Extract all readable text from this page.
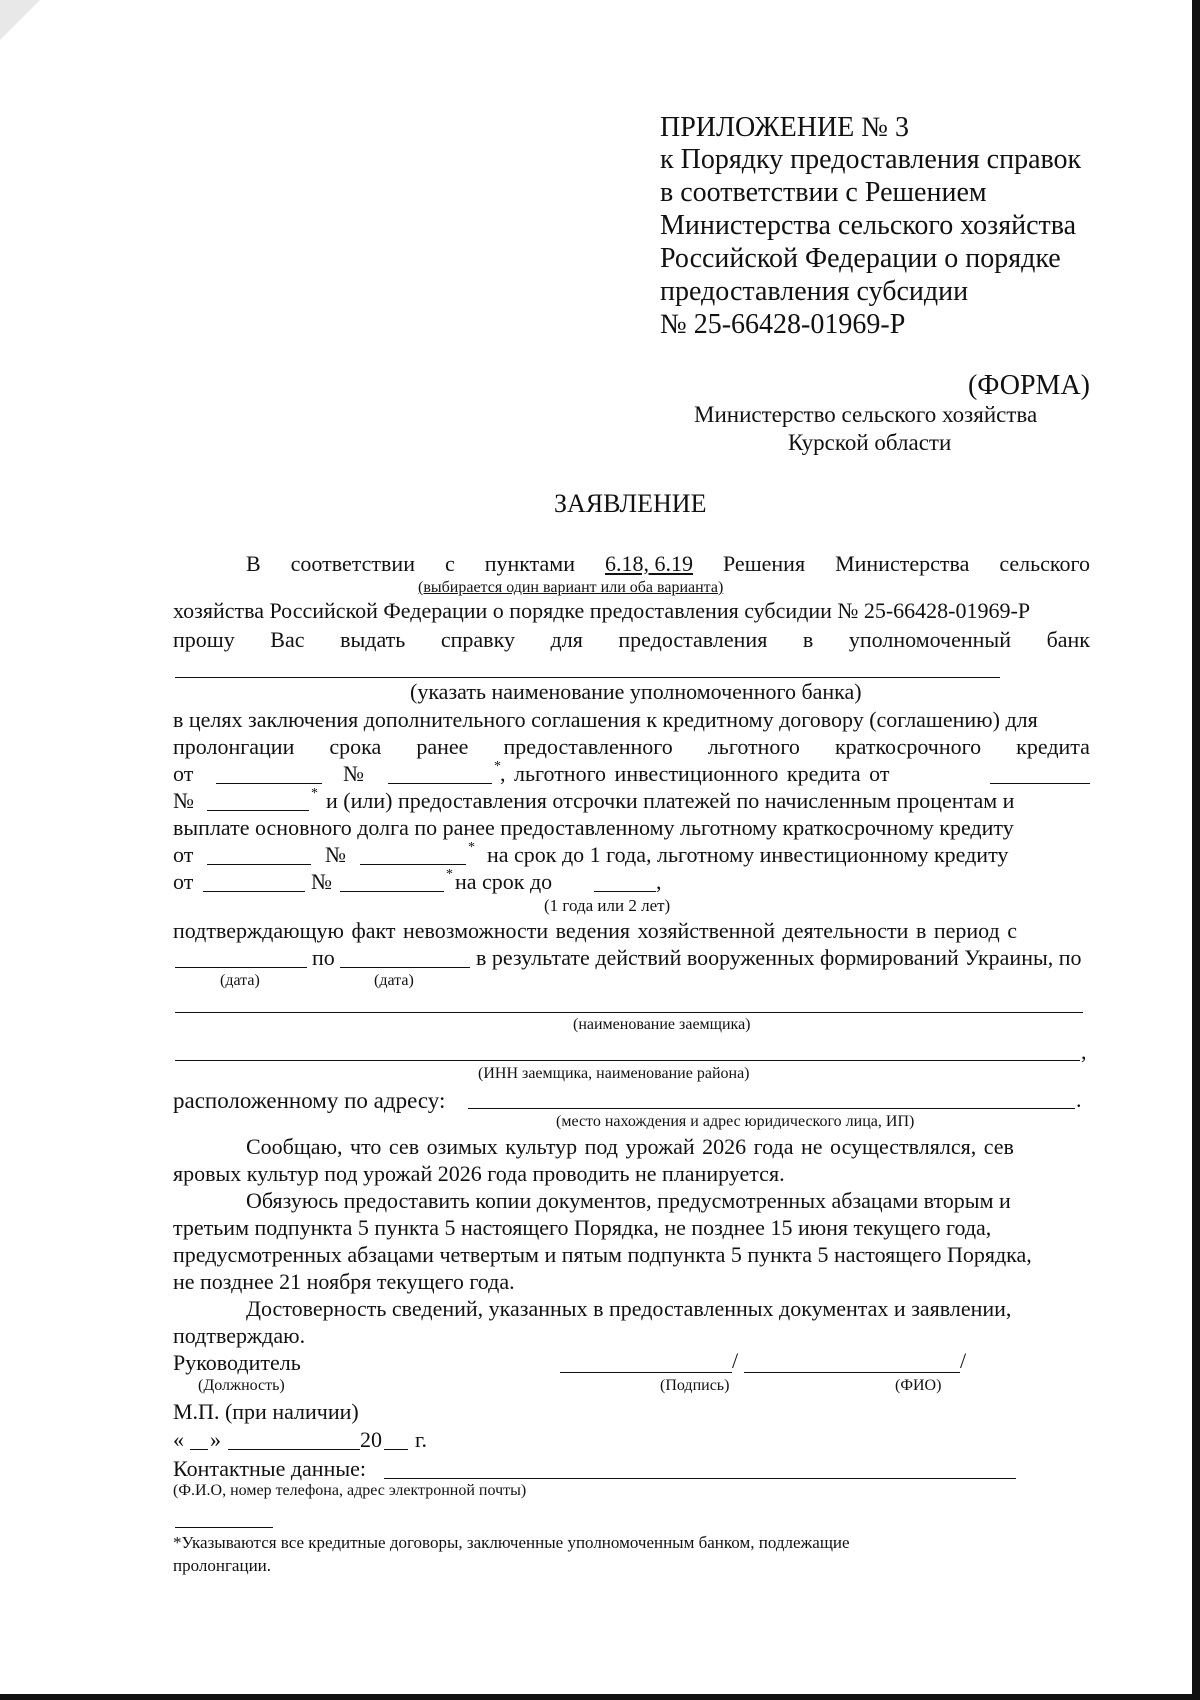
ПРИЛОЖЕНИЕ № 3
к Порядку предоставления справок
в соответствии с Решением
Министерства сельского хозяйства
Российской Федерации о порядке
предоставления субсидии
№ 25-66428-01969-Р
(ФОРМА)
Министерство сельского хозяйства
Курской области
ЗАЯВЛЕНИЕ
В соответствии с пунктами 6.18, 6.19 Решения Министерства сельского
(выбирается один вариант или оба варианта)
хозяйства Российской Федерации о порядке предоставления субсидии № 25-66428-01969-Р
прошу Вас выдать справку для предоставления в уполномоченный банк
(указать наименование уполномоченного банка)
в целях заключения дополнительного соглашения к кредитному договору (соглашению) для
пролонгации срока ранее предоставленного льготного краткосрочного кредита
от	№	* , льготного инвестиционного кредита от
№	* и (или) предоставления отсрочки платежей по начисленным процентам и
выплате основного долга по ранее предоставленному льготному краткосрочному кредиту
от	№	* на срок до 1 года, льготному инвестиционному кредиту
от	№	* на срок до	,
(1 года или 2 лет)
подтверждающую факт невозможности ведения хозяйственной деятельности в период с
по	в результате действий вооруженных формирований Украины, по
(дата)	(дата)
(наименование заемщика)
,
(ИНН заемщика, наименование района)
расположенному по адресу:	.
(место нахождения и адрес юридического лица, ИП)
Сообщаю, что сев озимых культур под урожай 2026 года не осуществлялся, сев
яровых культур под урожай 2026 года проводить не планируется.
Обязуюсь предоставить копии документов, предусмотренных абзацами вторым и
третьим подпункта 5 пункта 5 настоящего Порядка, не позднее 15 июня текущего года,
предусмотренных абзацами четвертым и пятым подпункта 5 пункта 5 настоящего Порядка,
не позднее 21 ноября текущего года.
Достоверность сведений, указанных в предоставленных документах и заявлении,
подтверждаю.
Руководитель	/	/
(Должность)	(Подпись)	(ФИО)
М.П. (при наличии)
« »	20 г.
Контактные данные:
(Ф.И.О, номер телефона, адрес электронной почты)
*Указываются все кредитные договоры, заключенные уполномоченным банком, подлежащие
пролонгации.
